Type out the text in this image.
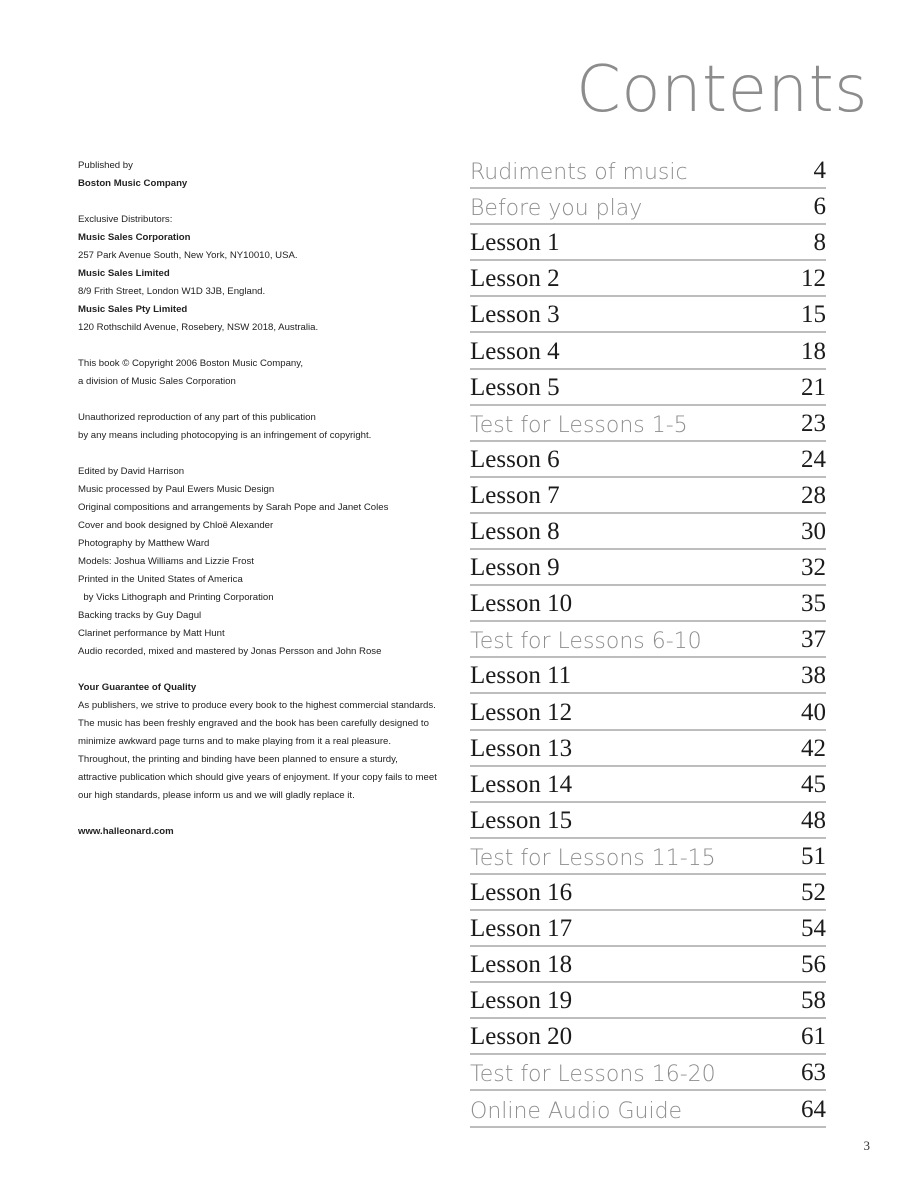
Contents
Published by
Boston Music Company
Exclusive Distributors:
Music Sales Corporation
257 Park Avenue South, New York, NY10010, USA.
Music Sales Limited
8/9 Frith Street, London W1D 3JB, England.
Music Sales Pty Limited
120 Rothschild Avenue, Rosebery, NSW 2018, Australia.
This book © Copyright 2006 Boston Music Company,
a division of Music Sales Corporation
Unauthorized reproduction of any part of this publication
by any means including photocopying is an infringement of copyright.
Edited by David Harrison
Music processed by Paul Ewers Music Design
Original compositions and arrangements by Sarah Pope and Janet Coles
Cover and book designed by Chloë Alexander
Photography by Matthew Ward
Models: Joshua Williams and Lizzie Frost
Printed in the United States of America
by Vicks Lithograph and Printing Corporation
Backing tracks by Guy Dagul
Clarinet performance by Matt Hunt
Audio recorded, mixed and mastered by Jonas Persson and John Rose
Your Guarantee of Quality
As publishers, we strive to produce every book to the highest commercial standards. The music has been freshly engraved and the book has been carefully designed to minimize awkward page turns and to make playing from it a real pleasure. Throughout, the printing and binding have been planned to ensure a sturdy, attractive publication which should give years of enjoyment. If your copy fails to meet our high standards, please inform us and we will gladly replace it.
www.halleonard.com
Rudiments of music	4
Before you play	6
Lesson 1	8
Lesson 2	12
Lesson 3	15
Lesson 4	18
Lesson 5	21
Test for Lessons 1-5	23
Lesson 6	24
Lesson 7	28
Lesson 8	30
Lesson 9	32
Lesson 10	35
Test for Lessons 6-10	37
Lesson 11	38
Lesson 12	40
Lesson 13	42
Lesson 14	45
Lesson 15	48
Test for Lessons 11-15	51
Lesson 16	52
Lesson 17	54
Lesson 18	56
Lesson 19	58
Lesson 20	61
Test for Lessons 16-20	63
Online Audio Guide	64
3
